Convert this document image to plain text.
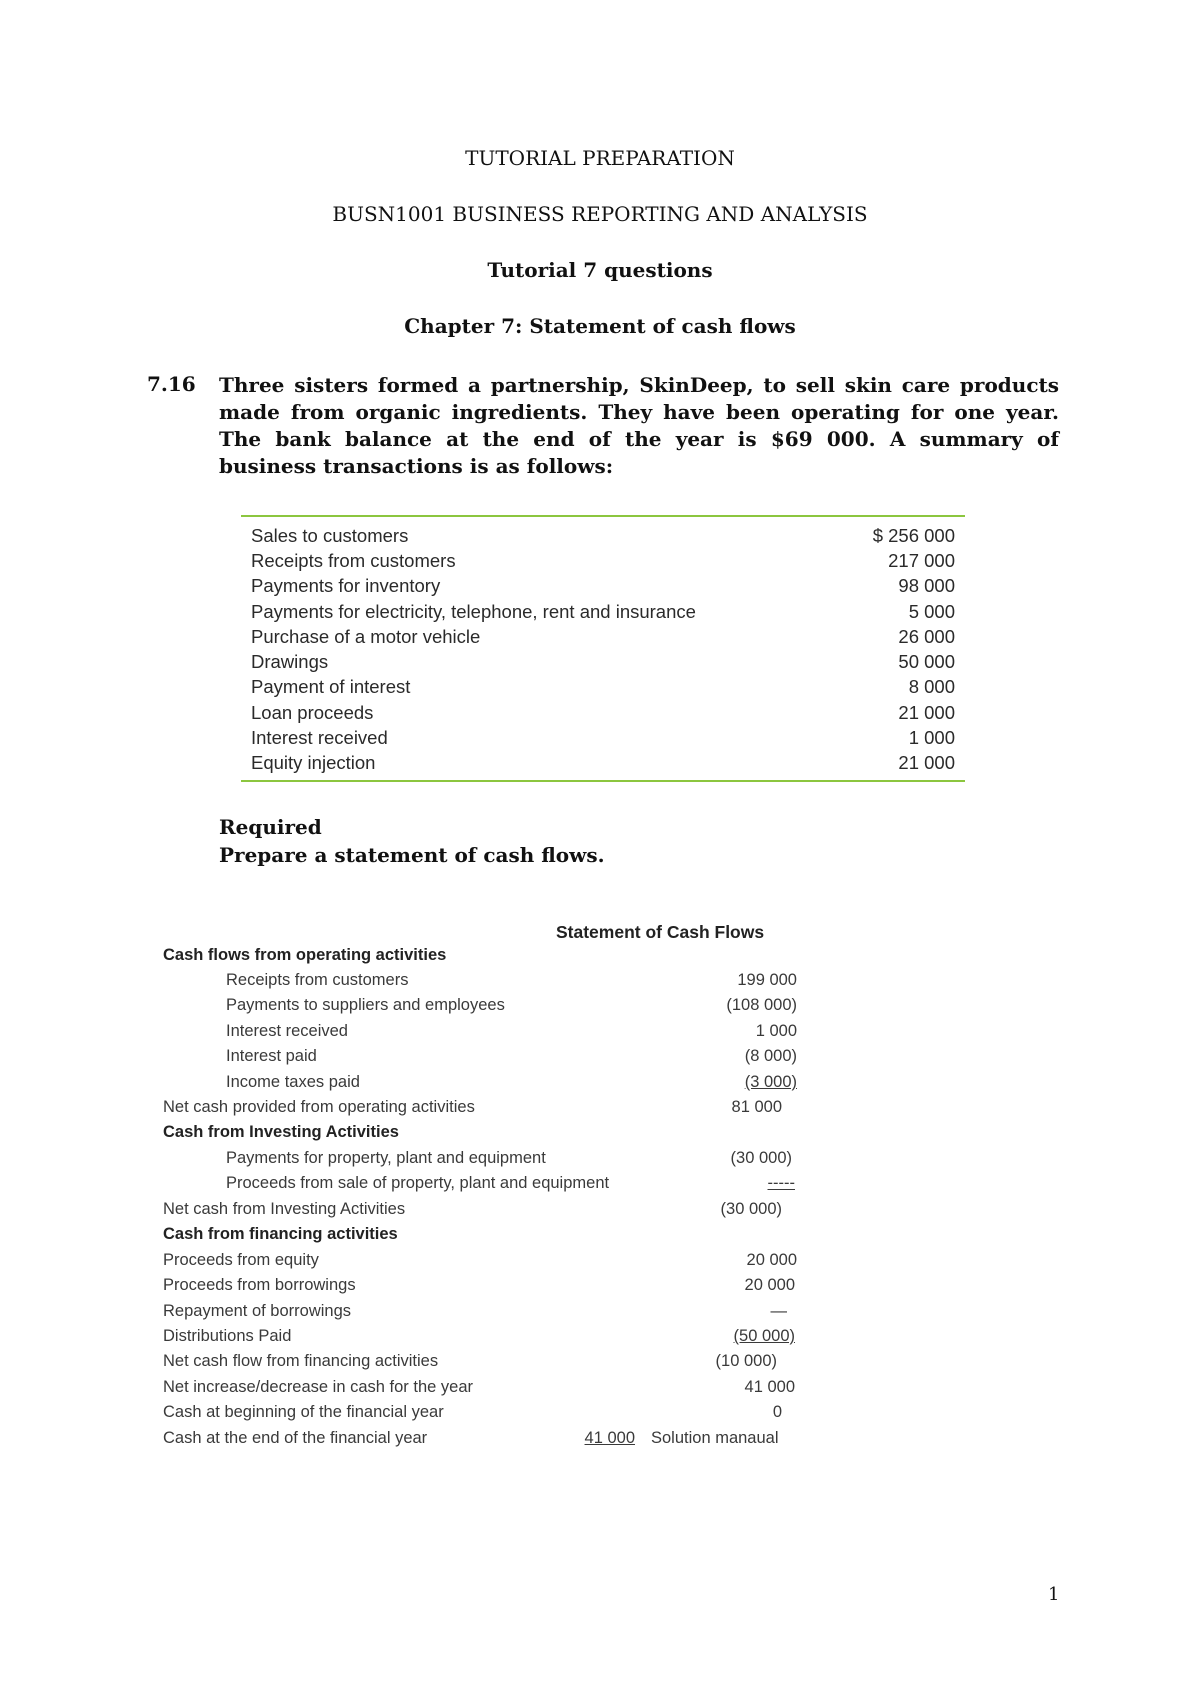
TUTORIAL PREPARATION
BUSN1001 BUSINESS REPORTING AND ANALYSIS
Tutorial 7 questions
Chapter 7: Statement of cash flows
7.16 Three sisters formed a partnership, SkinDeep, to sell skin care products made from organic ingredients. They have been operating for one year. The bank balance at the end of the year is $69 000. A summary of business transactions is as follows:
Sales to customers	$ 256 000
Receipts from customers	217 000
Payments for inventory	98 000
Payments for electricity, telephone, rent and insurance	5 000
Purchase of a motor vehicle	26 000
Drawings	50 000
Payment of interest	8 000
Loan proceeds	21 000
Interest received	1 000
Equity injection	21 000
Required
Prepare a statement of cash flows.
Statement of Cash Flows
Cash flows from operating activities
Receipts from customers	199 000
Payments to suppliers and employees	(108 000)
Interest received	1 000
Interest paid	(8 000)
Income taxes paid	(3 000)
Net cash provided from operating activities	81 000
Cash from Investing Activities
Payments for property, plant and equipment	(30 000)
Proceeds from sale of property, plant and equipment	-----
Net cash from Investing Activities	(30 000)
Cash from financing activities
Proceeds from equity	20 000
Proceeds from borrowings	20 000
Repayment of borrowings	—
Distributions Paid	(50 000)
Net cash flow from financing activities	(10 000)
Net increase/decrease in cash for the year	41 000
Cash at beginning of the financial year	0
Cash at the end of the financial year	41 000 Solution manaual
1
